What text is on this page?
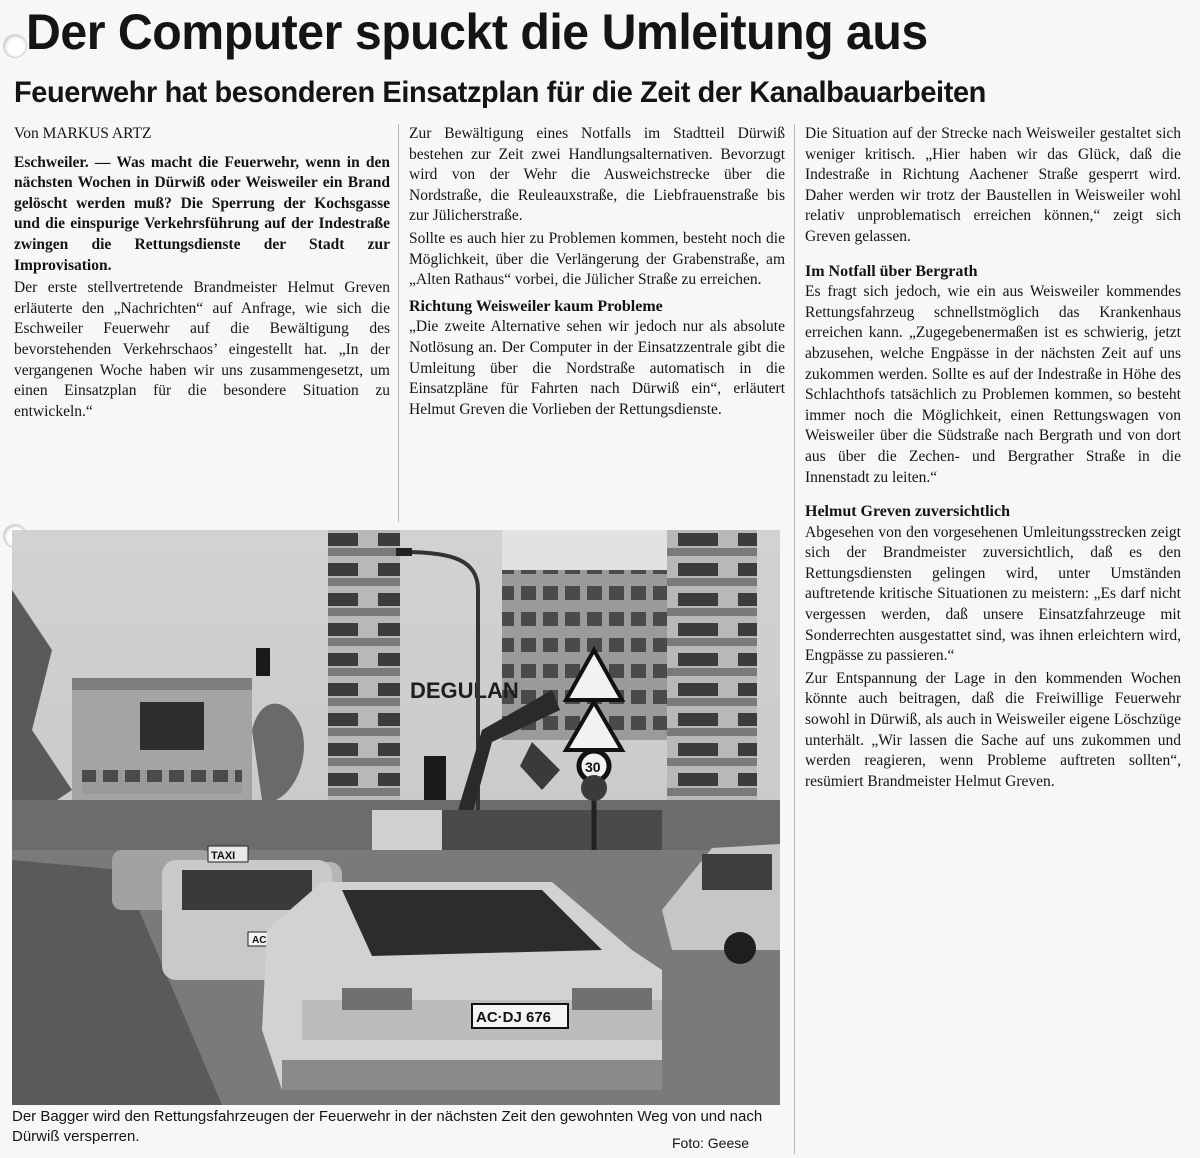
Der Computer spuckt die Umleitung aus
Feuerwehr hat besonderen Einsatzplan für die Zeit der Kanalbauarbeiten

Von MARKUS ARTZ

Eschweiler. — Was macht die Feuerwehr, wenn in den nächsten Wochen in Dürwiß oder Weisweiler ein Brand gelöscht werden muß? Die Sperrung der Kochsgasse und die einspurige Verkehrsführung auf der Indestraße zwingen die Rettungsdienste der Stadt zur Improvisation.

Der erste stellvertretende Brandmeister Helmut Greven erläuterte den „Nachrichten“ auf Anfrage, wie sich die Eschweiler Feuerwehr auf die Bewältigung des bevorstehenden Verkehrschaos’ eingestellt hat. „In der vergangenen Woche haben wir uns zusammengesetzt, um einen Einsatzplan für die besondere Situation zu entwickeln.“

Zur Bewältigung eines Notfalls im Stadtteil Dürwiß bestehen zur Zeit zwei Handlungsalternativen. Bevorzugt wird von der Wehr die Ausweichstrecke über die Nordstraße, die Reuleauxstraße, die Liebfrauenstraße bis zur Jülicherstraße.

Sollte es auch hier zu Problemen kommen, besteht noch die Möglichkeit, über die Verlängerung der Grabenstraße, am „Alten Rathaus“ vorbei, die Jülicher Straße zu erreichen.

Richtung Weisweiler kaum Probleme

„Die zweite Alternative sehen wir jedoch nur als absolute Notlösung an. Der Computer in der Einsatzzentrale gibt die Umleitung über die Nordstraße automatisch in die Einsatzpläne für Fahrten nach Dürwiß ein“, erläutert Helmut Greven die Vorlieben der Rettungsdienste.

Die Situation auf der Strecke nach Weisweiler gestaltet sich weniger kritisch. „Hier haben wir das Glück, daß die Indestraße in Richtung Aachener Straße gesperrt wird. Daher werden wir trotz der Baustellen in Weisweiler wohl relativ unproblematisch erreichen können,“ zeigt sich Greven gelassen.

Im Notfall über Bergrath

Es fragt sich jedoch, wie ein aus Weisweiler kommendes Rettungsfahrzeug schnellstmöglich das Krankenhaus erreichen kann. „Zugegebenermaßen ist es schwierig, jetzt abzusehen, welche Engpässe in der nächsten Zeit auf uns zukommen werden. Sollte es auf der Indestraße in Höhe des Schlachthofs tatsächlich zu Problemen kommen, so besteht immer noch die Möglichkeit, einen Rettungswagen von Weisweiler über die Südstraße nach Bergrath und von dort aus über die Zechen- und Bergrather Straße in die Innenstadt zu leiten.“

Helmut Greven zuversichtlich

Abgesehen von den vorgesehenen Umleitungsstrecken zeigt sich der Brandmeister zuversichtlich, daß es den Rettungsdiensten gelingen wird, unter Umständen auftretende kritische Situationen zu meistern: „Es darf nicht vergessen werden, daß unsere Einsatzfahrzeuge mit Sonderrechten ausgestattet sind, was ihnen erleichtern wird, Engpässe zu passieren.“

Zur Entspannung der Lage in den kommenden Wochen könnte auch beitragen, daß die Freiwillige Feuerwehr sowohl in Dürwiß, als auch in Weisweiler eigene Löschzüge unterhält. „Wir lassen die Sache auf uns zukommen und werden reagieren, wenn Probleme auftreten sollten“, resümiert Brandmeister Helmut Greven.

DEGULAN
30
TAXI
AC
AC·DJ 676
Der Bagger wird den Rettungsfahrzeugen der Feuerwehr in der nächsten Zeit den gewohnten Weg von und nach Dürwiß versperren.	Foto: Geese
